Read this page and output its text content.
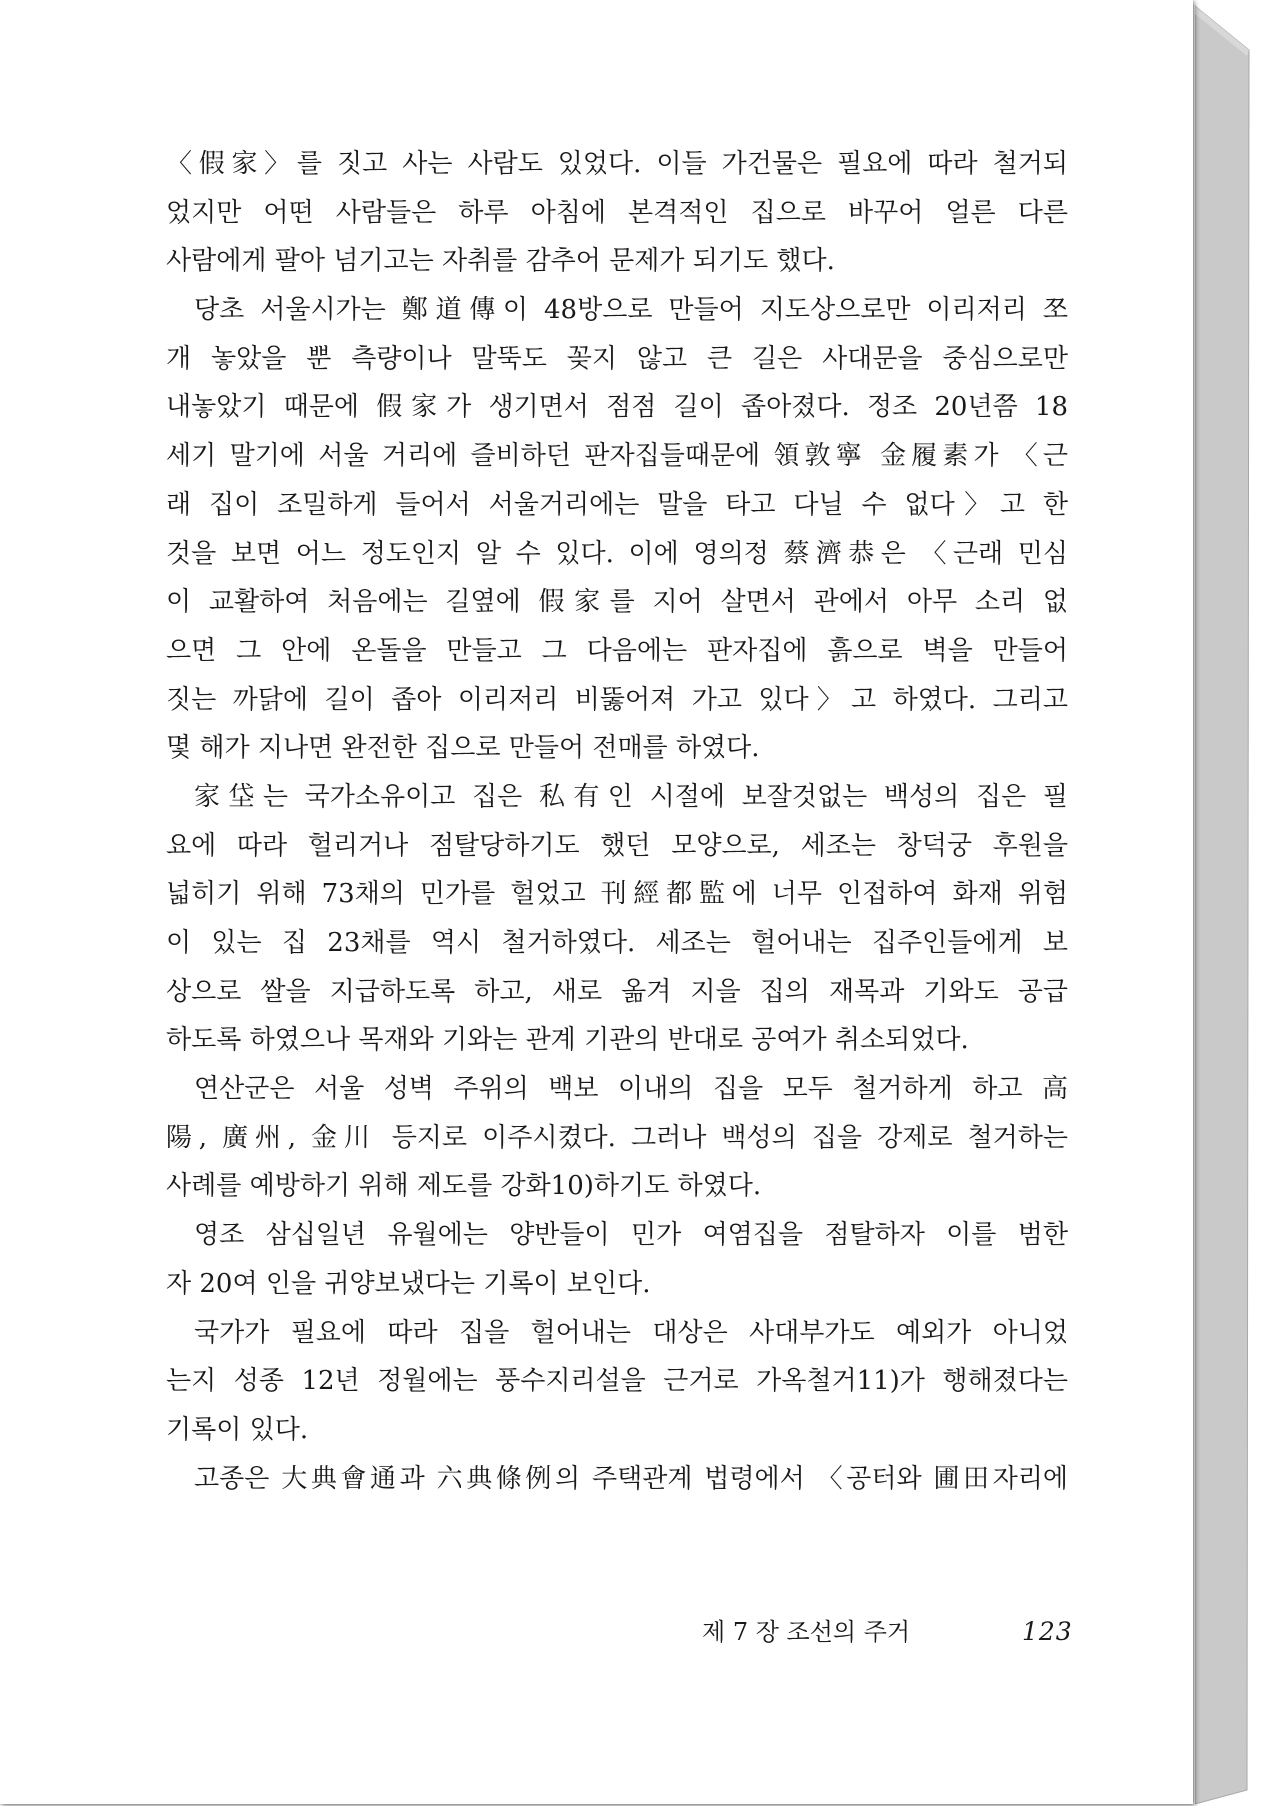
〈假家〉를 짓고 사는 사람도 있었다. 이들 가건물은 필요에 따라 철거되
었지만 어떤 사람들은 하루 아침에 본격적인 집으로 바꾸어 얼른 다른
사람에게 팔아 넘기고는 자취를 감추어 문제가 되기도 했다.
당초 서울시가는 鄭道傳이 48방으로 만들어 지도상으로만 이리저리 쪼
개 놓았을 뿐 측량이나 말뚝도 꽂지 않고 큰 길은 사대문을 중심으로만
내놓았기 때문에 假家가 생기면서 점점 길이 좁아졌다. 정조 20년쯤 18
세기 말기에 서울 거리에 즐비하던 판자집들때문에 領敦寧 金履素가 〈근
래 집이 조밀하게 들어서 서울거리에는 말을 타고 다닐 수 없다〉고 한
것을 보면 어느 정도인지 알 수 있다. 이에 영의정 蔡濟恭은 〈근래 민심
이 교활하여 처음에는 길옆에 假家를 지어 살면서 관에서 아무 소리 없
으면 그 안에 온돌을 만들고 그 다음에는 판자집에 흙으로 벽을 만들어
짓는 까닭에 길이 좁아 이리저리 비뚫어져 가고 있다〉고 하였다. 그리고
몇 해가 지나면 완전한 집으로 만들어 전매를 하였다.
家垈는 국가소유이고 집은 私有인 시절에 보잘것없는 백성의 집은 필
요에 따라 헐리거나 점탈당하기도 했던 모양으로, 세조는 창덕궁 후원을
넓히기 위해 73채의 민가를 헐었고 刊經都監에 너무 인접하여 화재 위험
이 있는 집 23채를 역시 철거하였다. 세조는 헐어내는 집주인들에게 보
상으로 쌀을 지급하도록 하고, 새로 옮겨 지을 집의 재목과 기와도 공급
하도록 하였으나 목재와 기와는 관계 기관의 반대로 공여가 취소되었다.
연산군은 서울 성벽 주위의 백보 이내의 집을 모두 철거하게 하고 高
陽, 廣州, 金川 등지로 이주시켰다. 그러나 백성의 집을 강제로 철거하는
사례를 예방하기 위해 제도를 강화10)하기도 하였다.
영조 삼십일년 유월에는 양반들이 민가 여염집을 점탈하자 이를 범한
자 20여 인을 귀양보냈다는 기록이 보인다.
국가가 필요에 따라 집을 헐어내는 대상은 사대부가도 예외가 아니었
는지 성종 12년 정월에는 풍수지리설을 근거로 가옥철거11)가 행해졌다는
기록이 있다.
고종은 大典會通과 六典條例의 주택관계 법령에서 〈공터와 圃田자리에
제 7 장 조선의 주거	123
